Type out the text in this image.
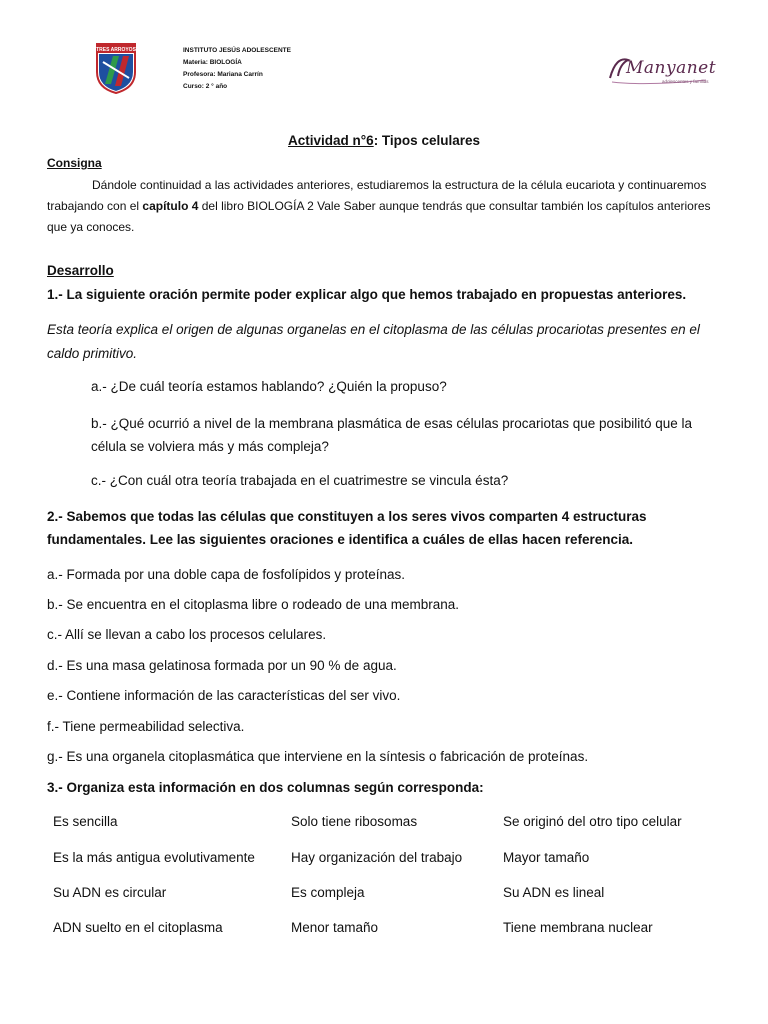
TRES ARROYOS	INSTITUTO JESÚS ADOLESCENTE
Materia: BIOLOGÍA
Profesora: Mariana Carrín
Curso: 2 ° año
Manyanet
adolescentes y familias
Actividad n°6: Tipos celulares
Consigna
Dándole continuidad a las actividades anteriores, estudiaremos la estructura de la célula eucariota y continuaremos trabajando con el capítulo 4 del libro BIOLOGÍA 2 Vale Saber aunque tendrás que consultar también los capítulos anteriores que ya conoces.
Desarrollo
1.- La siguiente oración permite poder explicar algo que hemos trabajado en propuestas anteriores.
Esta teoría explica el origen de algunas organelas en el citoplasma de las células procariotas presentes en el caldo primitivo.
a.- ¿De cuál teoría estamos hablando? ¿Quién la propuso?
b.- ¿Qué ocurrió a nivel de la membrana plasmática de esas células procariotas que posibilitó que la célula se volviera más y más compleja?
c.- ¿Con cuál otra teoría trabajada en el cuatrimestre se vincula ésta?
2.- Sabemos que todas las células que constituyen a los seres vivos comparten 4 estructuras fundamentales. Lee las siguientes oraciones e identifica a cuáles de ellas hacen referencia.
a.- Formada por una doble capa de fosfolípidos y proteínas.
b.- Se encuentra en el citoplasma libre o rodeado de una membrana.
c.- Allí se llevan a cabo los procesos celulares.
d.- Es una masa gelatinosa formada por un 90 % de agua.
e.- Contiene información de las características del ser vivo.
f.- Tiene permeabilidad selectiva.
g.- Es una organela citoplasmática que interviene en la síntesis o fabricación de proteínas.
3.- Organiza esta información en dos columnas según corresponda:
Es sencilla	Solo tiene ribosomas	Se originó del otro tipo celular
Es la más antigua evolutivamente	Hay organización del trabajo	Mayor tamaño
Su ADN es circular	Es compleja	Su ADN es lineal
ADN suelto en el citoplasma	Menor tamaño	Tiene membrana nuclear
